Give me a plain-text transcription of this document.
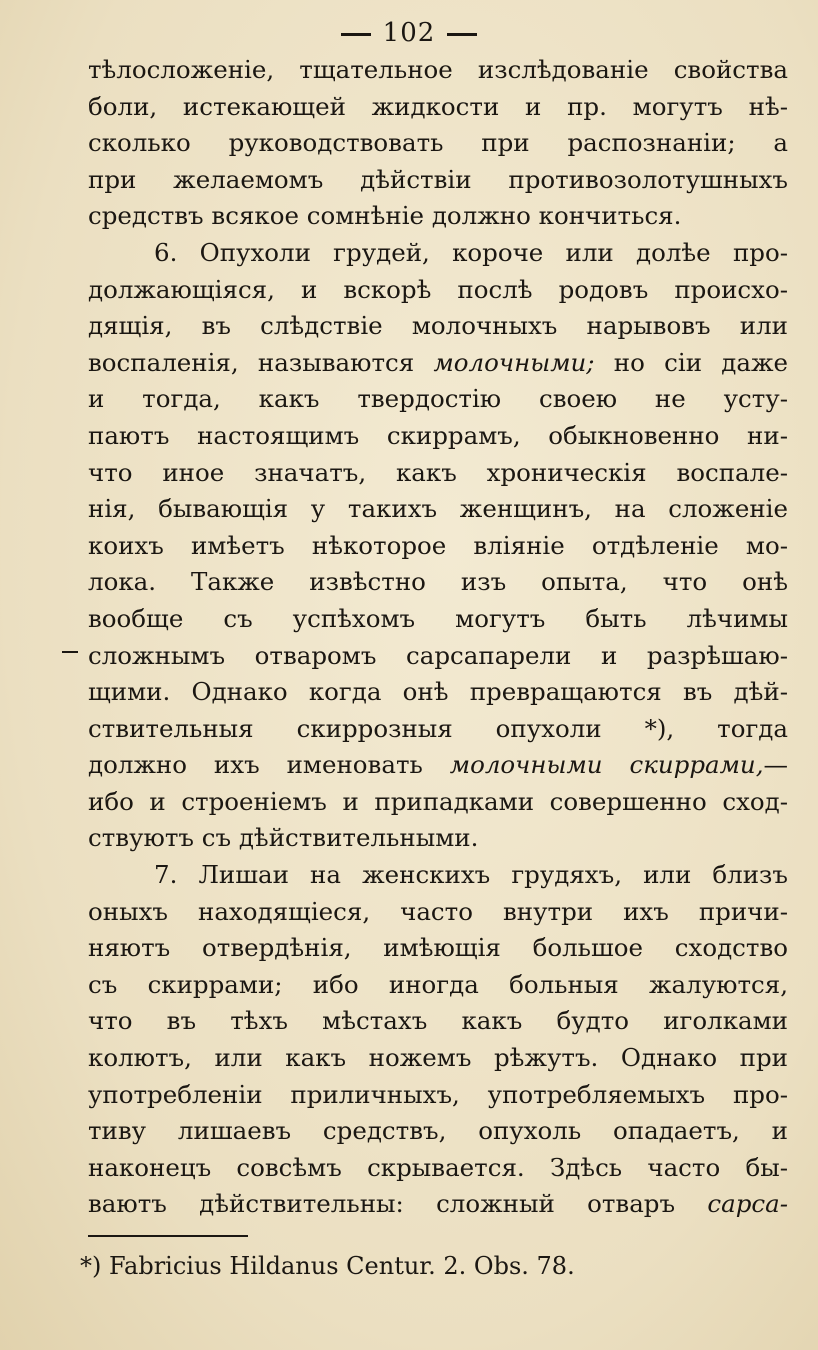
102
тѣлосложеніе, тщательное изслѣдованіе свойства
боли, истекающей жидкости и пр. могутъ нѣ-
сколько руководствовать при распознаніи; а
при желаемомъ дѣйствіи противозолотушныхъ
средствъ всякое сомнѣніе должно кончиться.
6. Опухоли грудей, короче или долѣе про-
должающіяся, и вскорѣ послѣ родовъ происхо-
дящія, въ слѣдствіе молочныхъ нарывовъ или
воспаленія, называются молочными; но сіи даже
и тогда, какъ твердостію своею не усту-
паютъ настоящимъ скиррамъ, обыкновенно ни-
что иное значатъ, какъ хроническія воспале-
нія, бывающія у такихъ женщинъ, на сложеніе
коихъ имѣетъ нѣкоторое вліяніе отдѣленіе мо-
лока. Также извѣстно изъ опыта, что онѣ
вообще съ успѣхомъ могутъ быть лѣчимы
сложнымъ отваромъ сарсапарели и разрѣшаю-
щими. Однако когда онѣ превращаются въ дѣй-
ствительныя скиррозныя опухоли *), тогда
должно ихъ именовать молочными скиррами,—
ибо и строеніемъ и припадками совершенно сход-
ствуютъ съ дѣйствительными.
7. Лишаи на женскихъ грудяхъ, или близъ
оныхъ находящіеся, часто внутри ихъ причи-
няютъ отвердѣнія, имѣющія большое сходство
съ скиррами; ибо иногда больныя жалуются,
что въ тѣхъ мѣстахъ какъ будто иголками
колютъ, или какъ ножемъ рѣжутъ. Однако при
употребленіи приличныхъ, употребляемыхъ про-
тиву лишаевъ средствъ, опухоль опадаетъ, и
наконецъ совсѣмъ скрывается. Здѣсь часто бы-
ваютъ дѣйствительны: сложный отваръ сарса-
*) Fabricius Hildanus Centur. 2. Obs. 78.
